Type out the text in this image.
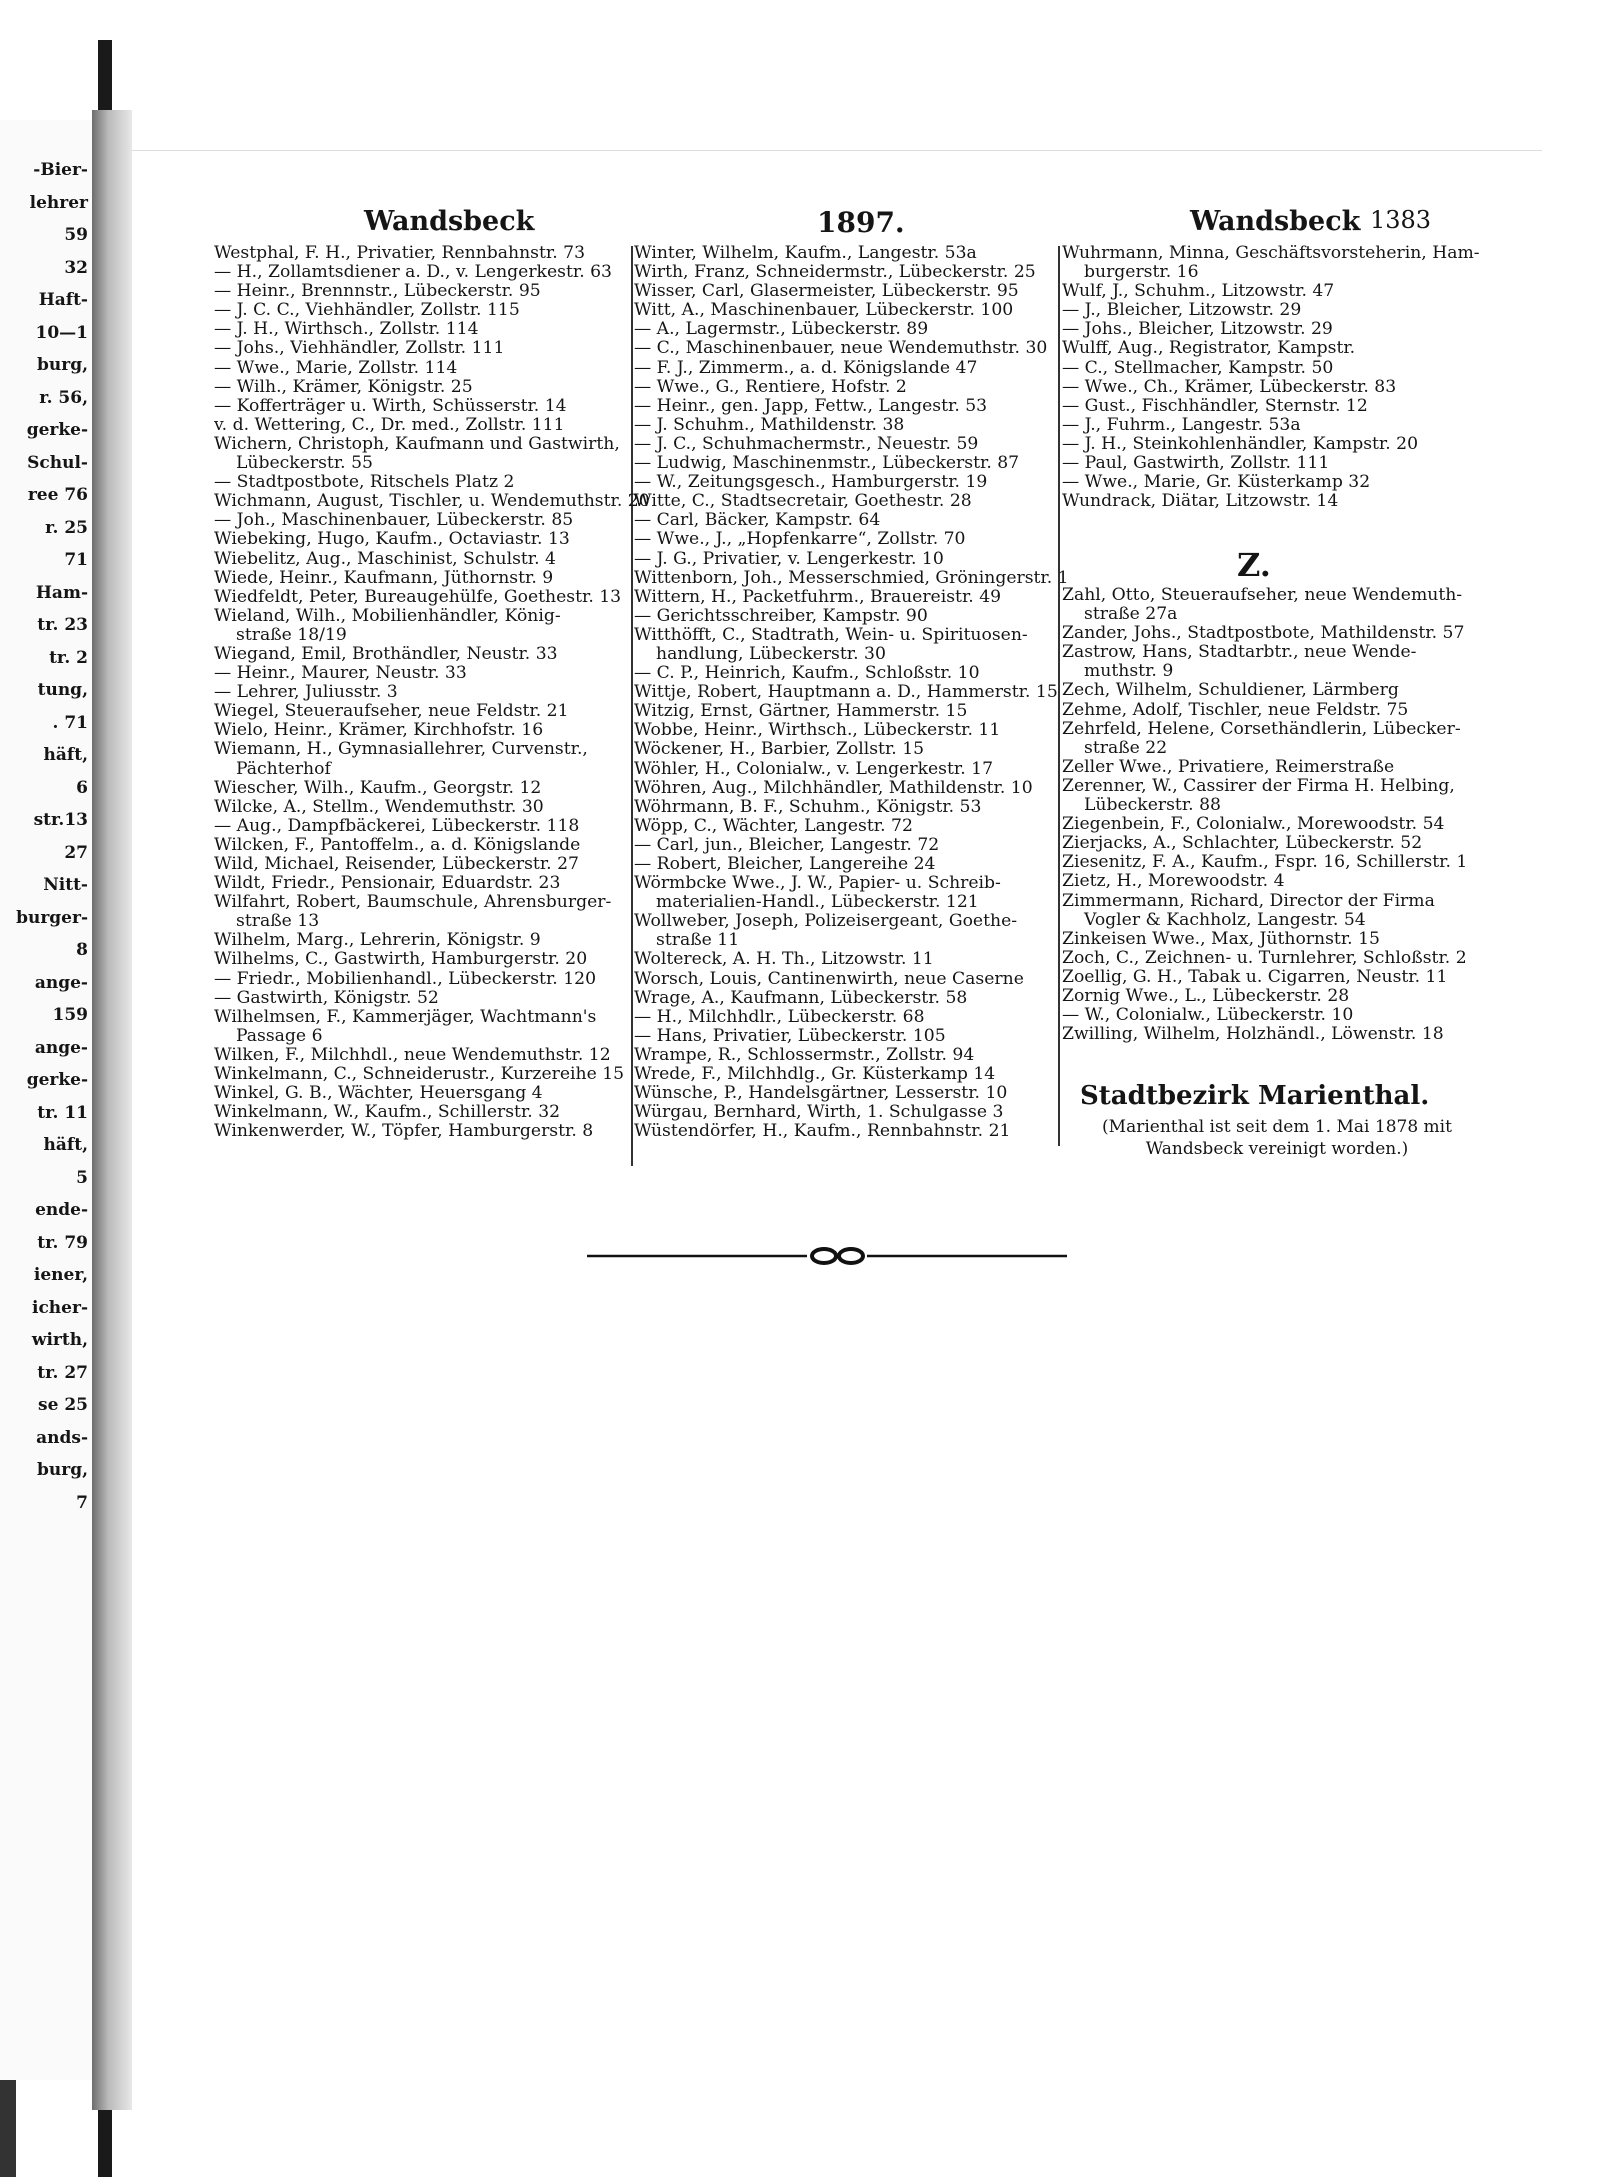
-Bier-
lehrer
59
32
Haft-
10—1
burg,
r. 56,
gerke-
Schul-
ree 76
r. 25
71
Ham-
tr. 23
tr. 2
tung,
. 71
häft,
6
str.13
27
Nitt-
burger-
8
ange-
159
ange-
gerke-
tr. 11
häft,
5
ende-
tr. 79
iener,
icher-
wirth,
tr. 27
se 25
ands-
burg,
7
Wandsbeck	1897.	Wandsbeck 1383
Westphal, F. H., Privatier, Rennbahnstr. 73
— H., Zollamtsdiener a. D., v. Lengerkestr. 63
— Heinr., Brennnstr., Lübeckerstr. 95
— J. C. C., Viehhändler, Zollstr. 115
— J. H., Wirthsch., Zollstr. 114
— Johs., Viehhändler, Zollstr. 111
— Wwe., Marie, Zollstr. 114
— Wilh., Krämer, Königstr. 25
— Kofferträger u. Wirth, Schüsserstr. 14
v. d. Wettering, C., Dr. med., Zollstr. 111
Wichern, Christoph, Kaufmann und Gastwirth,
Lübeckerstr. 55
— Stadtpostbote, Ritschels Platz 2
Wichmann, August, Tischler, u. Wendemuthstr. 20
— Joh., Maschinenbauer, Lübeckerstr. 85
Wiebeking, Hugo, Kaufm., Octaviastr. 13
Wiebelitz, Aug., Maschinist, Schulstr. 4
Wiede, Heinr., Kaufmann, Jüthornstr. 9
Wiedfeldt, Peter, Bureaugehülfe, Goethestr. 13
Wieland, Wilh., Mobilienhändler, König-
straße 18/19
Wiegand, Emil, Brothändler, Neustr. 33
— Heinr., Maurer, Neustr. 33
— Lehrer, Juliusstr. 3
Wiegel, Steueraufseher, neue Feldstr. 21
Wielo, Heinr., Krämer, Kirchhofstr. 16
Wiemann, H., Gymnasiallehrer, Curvenstr.,
Pächterhof
Wiescher, Wilh., Kaufm., Georgstr. 12
Wilcke, A., Stellm., Wendemuthstr. 30
— Aug., Dampfbäckerei, Lübeckerstr. 118
Wilcken, F., Pantoffelm., a. d. Königslande
Wild, Michael, Reisender, Lübeckerstr. 27
Wildt, Friedr., Pensionair, Eduardstr. 23
Wilfahrt, Robert, Baumschule, Ahrensburger-
straße 13
Wilhelm, Marg., Lehrerin, Königstr. 9
Wilhelms, C., Gastwirth, Hamburgerstr. 20
— Friedr., Mobilienhandl., Lübeckerstr. 120
— Gastwirth, Königstr. 52
Wilhelmsen, F., Kammerjäger, Wachtmann's
Passage 6
Wilken, F., Milchhdl., neue Wendemuthstr. 12
Winkelmann, C., Schneiderustr., Kurzereihe 15
Winkel, G. B., Wächter, Heuersgang 4
Winkelmann, W., Kaufm., Schillerstr. 32
Winkenwerder, W., Töpfer, Hamburgerstr. 8
Winter, Wilhelm, Kaufm., Langestr. 53a
Wirth, Franz, Schneidermstr., Lübeckerstr. 25
Wisser, Carl, Glasermeister, Lübeckerstr. 95
Witt, A., Maschinenbauer, Lübeckerstr. 100
— A., Lagermstr., Lübeckerstr. 89
— C., Maschinenbauer, neue Wendemuthstr. 30
— F. J., Zimmerm., a. d. Königslande 47
— Wwe., G., Rentiere, Hofstr. 2
— Heinr., gen. Japp, Fettw., Langestr. 53
— J. Schuhm., Mathildenstr. 38
— J. C., Schuhmachermstr., Neuestr. 59
— Ludwig, Maschinenmstr., Lübeckerstr. 87
— W., Zeitungsgesch., Hamburgerstr. 19
Witte, C., Stadtsecretair, Goethestr. 28
— Carl, Bäcker, Kampstr. 64
— Wwe., J., „Hopfenkarre“, Zollstr. 70
— J. G., Privatier, v. Lengerkestr. 10
Wittenborn, Joh., Messerschmied, Gröningerstr. 1
Wittern, H., Packetfuhrm., Brauereistr. 49
— Gerichtsschreiber, Kampstr. 90
Witthöfft, C., Stadtrath, Wein- u. Spirituosen-
handlung, Lübeckerstr. 30
— C. P., Heinrich, Kaufm., Schloßstr. 10
Wittje, Robert, Hauptmann a. D., Hammerstr. 15
Witzig, Ernst, Gärtner, Hammerstr. 15
Wobbe, Heinr., Wirthsch., Lübeckerstr. 11
Wöckener, H., Barbier, Zollstr. 15
Wöhler, H., Colonialw., v. Lengerkestr. 17
Wöhren, Aug., Milchhändler, Mathildenstr. 10
Wöhrmann, B. F., Schuhm., Königstr. 53
Wöpp, C., Wächter, Langestr. 72
— Carl, jun., Bleicher, Langestr. 72
— Robert, Bleicher, Langereihe 24
Wörmbcke Wwe., J. W., Papier- u. Schreib-
materialien-Handl., Lübeckerstr. 121
Wollweber, Joseph, Polizeisergeant, Goethe-
straße 11
Woltereck, A. H. Th., Litzowstr. 11
Worsch, Louis, Cantinenwirth, neue Caserne
Wrage, A., Kaufmann, Lübeckerstr. 58
— H., Milchhdlr., Lübeckerstr. 68
— Hans, Privatier, Lübeckerstr. 105
Wrampe, R., Schlossermstr., Zollstr. 94
Wrede, F., Milchhdlg., Gr. Küsterkamp 14
Wünsche, P., Handelsgärtner, Lesserstr. 10
Würgau, Bernhard, Wirth, 1. Schulgasse 3
Wüstendörfer, H., Kaufm., Rennbahnstr. 21
Wuhrmann, Minna, Geschäftsvorsteherin, Ham-
burgerstr. 16
Wulf, J., Schuhm., Litzowstr. 47
— J., Bleicher, Litzowstr. 29
— Johs., Bleicher, Litzowstr. 29
Wulff, Aug., Registrator, Kampstr.
— C., Stellmacher, Kampstr. 50
— Wwe., Ch., Krämer, Lübeckerstr. 83
— Gust., Fischhändler, Sternstr. 12
— J., Fuhrm., Langestr. 53a
— J. H., Steinkohlenhändler, Kampstr. 20
— Paul, Gastwirth, Zollstr. 111
— Wwe., Marie, Gr. Küsterkamp 32
Wundrack, Diätar, Litzowstr. 14
Z.
Zahl, Otto, Steueraufseher, neue Wendemuth-
straße 27a
Zander, Johs., Stadtpostbote, Mathildenstr. 57
Zastrow, Hans, Stadtarbtr., neue Wende-
muthstr. 9
Zech, Wilhelm, Schuldiener, Lärmberg
Zehme, Adolf, Tischler, neue Feldstr. 75
Zehrfeld, Helene, Corsethändlerin, Lübecker-
straße 22
Zeller Wwe., Privatiere, Reimerstraße
Zerenner, W., Cassirer der Firma H. Helbing,
Lübeckerstr. 88
Ziegenbein, F., Colonialw., Morewoodstr. 54
Zierjacks, A., Schlachter, Lübeckerstr. 52
Ziesenitz, F. A., Kaufm., Fspr. 16, Schillerstr. 1
Zietz, H., Morewoodstr. 4
Zimmermann, Richard, Director der Firma
Vogler & Kachholz, Langestr. 54
Zinkeisen Wwe., Max, Jüthornstr. 15
Zoch, C., Zeichnen- u. Turnlehrer, Schloßstr. 2
Zoellig, G. H., Tabak u. Cigarren, Neustr. 11
Zornig Wwe., L., Lübeckerstr. 28
— W., Colonialw., Lübeckerstr. 10
Zwilling, Wilhelm, Holzhändl., Löwenstr. 18
Stadtbezirk Marienthal.
(Marienthal ist seit dem 1. Mai 1878 mit Wandsbeck vereinigt worden.)
